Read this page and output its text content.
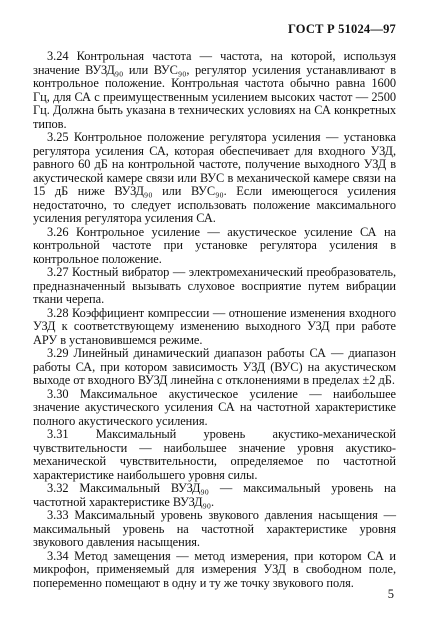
ГОСТ Р 51024—97

3.24 Контрольная частота — частота, на которой, используя значение ВУЗД₉₀ или ВУС₉₀, регулятор усиления устанавливают в контрольное положение. Контрольная частота обычно равна 1600 Гц, для СА с преимущественным усилением высоких частот — 2500 Гц. Должна быть указана в технических условиях на СА конкретных типов.

3.25 Контрольное положение регулятора усиления — установка регулятора усиления СА, которая обеспечивает для входного УЗД, равного 60 дБ на контрольной частоте, получение выходного УЗД в акустической камере связи или ВУС в механической камере связи на 15 дБ ниже ВУЗД₉₀ или ВУС₉₀. Если имеющегося усиления недостаточно, то следует использовать положение максимального усиления регулятора усиления СА.

3.26 Контрольное усиление — акустическое усиление СА на контрольной частоте при установке регулятора усиления в контрольное положение.

3.27 Костный вибратор — электромеханический преобразователь, предназначенный вызывать слуховое восприятие путем вибрации ткани черепа.

3.28 Коэффициент компрессии — отношение изменения входного УЗД к соответствующему изменению выходного УЗД при работе АРУ в установившемся режиме.

3.29 Линейный динамический диапазон работы СА — диапазон работы СА, при котором зависимость УЗД (ВУС) на акустическом выходе от входного ВУЗД линейна с отклонениями в пределах ±2 дБ.

3.30 Максимальное акустическое усиление — наибольшее значение акустического усиления СА на частотной характеристике полного акустического усиления.

3.31 Максимальный уровень акустико-механической чувствительности — наибольшее значение уровня акустико-механической чувствительности, определяемое по частотной характеристике наибольшего уровня силы.

3.32 Максимальный ВУЗД₉₀ — максимальный уровень на частотной характеристике ВУЗД₉₀.

3.33 Максимальный уровень звукового давления насыщения — максимальный уровень на частотной характеристике уровня звукового давления насыщения.

3.34 Метод замещения — метод измерения, при котором СА и микрофон, применяемый для измерения УЗД в свободном поле, попеременно помещают в одну и ту же точку звукового поля.

5
